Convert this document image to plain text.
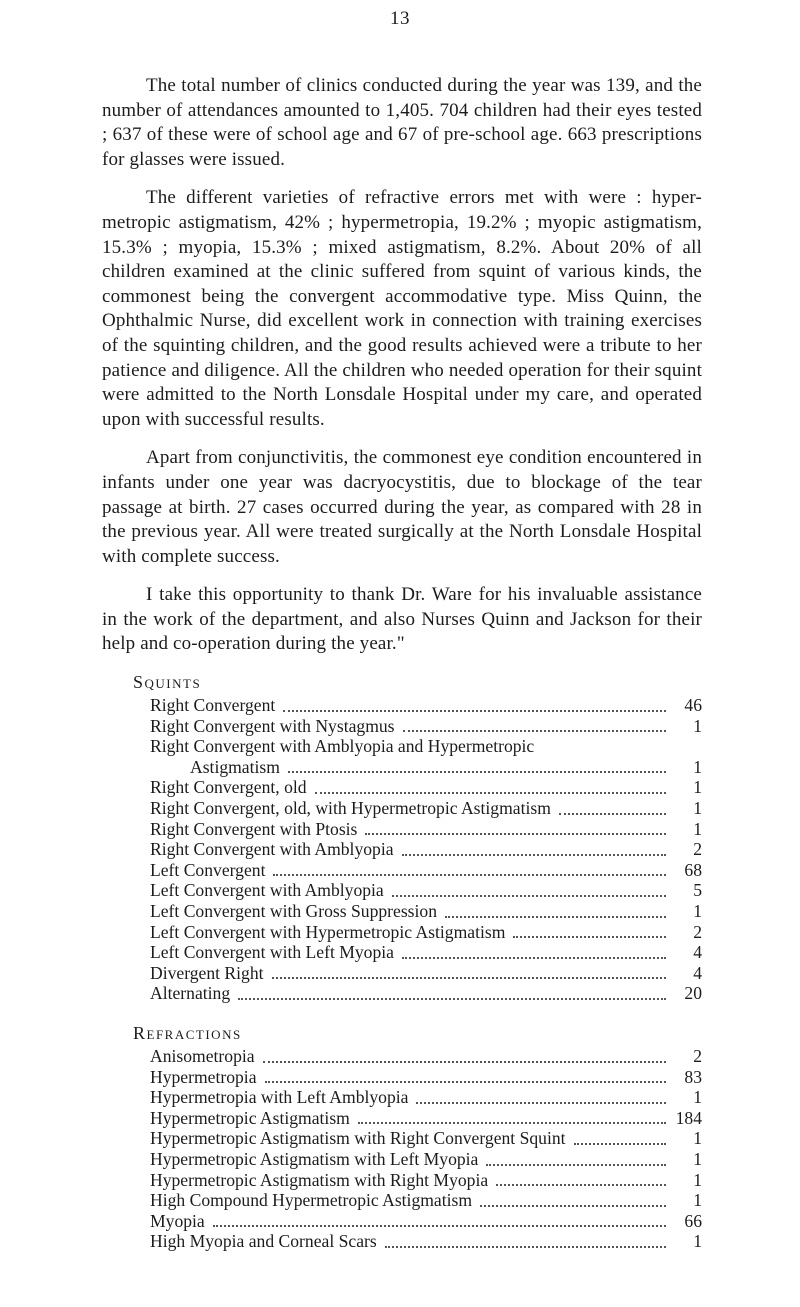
13

The total number of clinics conducted during the year was 139, and the number of attendances amounted to 1,405. 704 children had their eyes tested ; 637 of these were of school age and 67 of pre-school age. 663 prescriptions for glasses were issued.

The different varieties of refractive errors met with were : hyper-metropic astigmatism, 42% ; hypermetropia, 19.2% ; myopic astigmatism, 15.3% ; myopia, 15.3% ; mixed astigmatism, 8.2%. About 20% of all children examined at the clinic suffered from squint of various kinds, the commonest being the convergent accommodative type. Miss Quinn, the Ophthalmic Nurse, did excellent work in connection with training exercises of the squinting children, and the good results achieved were a tribute to her patience and diligence. All the children who needed operation for their squint were admitted to the North Lonsdale Hospital under my care, and operated upon with successful results.

Apart from conjunctivitis, the commonest eye condition encountered in infants under one year was dacryocystitis, due to blockage of the tear passage at birth. 27 cases occurred during the year, as compared with 28 in the previous year. All were treated surgically at the North Lonsdale Hospital with complete success.

I take this opportunity to thank Dr. Ware for his invaluable assistance in the work of the department, and also Nurses Quinn and Jackson for their help and co-operation during the year."

Squints
Right Convergent	46
Right Convergent with Nystagmus	1
Right Convergent with Amblyopia and Hypermetropic
Astigmatism	1
Right Convergent, old	1
Right Convergent, old, with Hypermetropic Astigmatism	1
Right Convergent with Ptosis	1
Right Convergent with Amblyopia	2
Left Convergent	68
Left Convergent with Amblyopia	5
Left Convergent with Gross Suppression	1
Left Convergent with Hypermetropic Astigmatism	2
Left Convergent with Left Myopia	4
Divergent Right	4
Alternating	20
Refractions
Anisometropia	2
Hypermetropia	83
Hypermetropia with Left Amblyopia	1
Hypermetropic Astigmatism	184
Hypermetropic Astigmatism with Right Convergent Squint	1
Hypermetropic Astigmatism with Left Myopia	1
Hypermetropic Astigmatism with Right Myopia	1
High Compound Hypermetropic Astigmatism	1
Myopia	66
High Myopia and Corneal Scars	1
